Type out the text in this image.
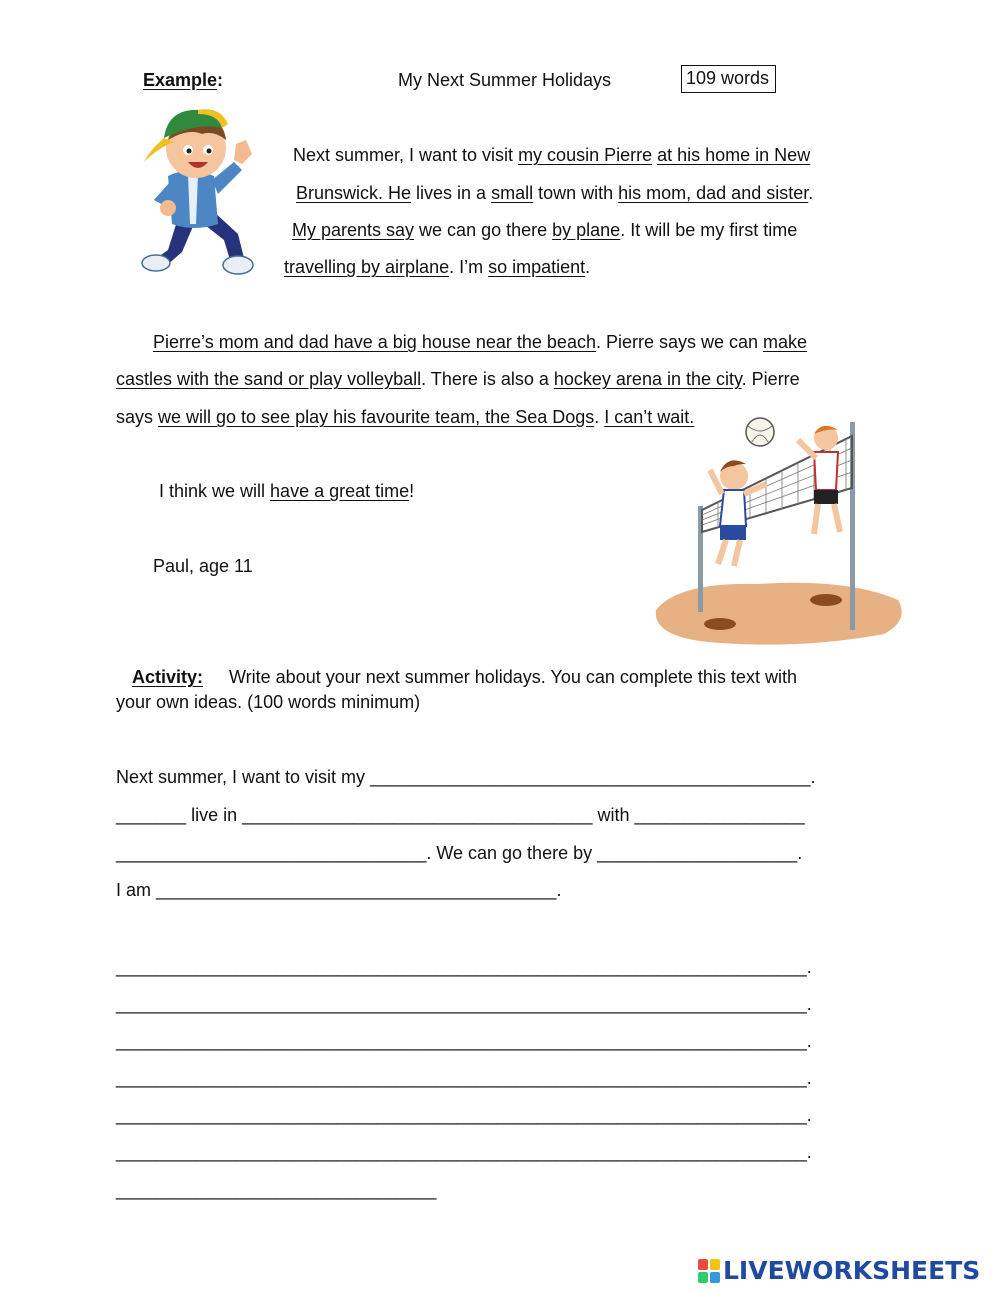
Example:	My Next Summer Holidays	109 words
Next summer, I want to visit my cousin Pierre at his home in New
Brunswick. He lives in a small town with his mom, dad and sister.
My parents say we can go there by plane. It will be my first time
travelling by airplane. I’m so impatient.
Pierre’s mom and dad have a big house near the beach. Pierre says we can make
castles with the sand or play volleyball. There is also a hockey arena in the city. Pierre
says we will go to see play his favourite team, the Sea Dogs. I can’t wait.
I think we will have a great time!
Paul, age 11
Activity: Write about your next summer holidays. You can complete this text with
your own ideas. (100 words minimum)
Next summer, I want to visit my ____________________________________________.
_______ live in ___________________________________ with _________________
_______________________________. We can go there by ____________________.
I am ________________________________________.
_____________________________________________________________________.
_____________________________________________________________________.
_____________________________________________________________________.
_____________________________________________________________________.
_____________________________________________________________________.
_____________________________________________________________________.
________________________________
LIVEWORKSHEETS
